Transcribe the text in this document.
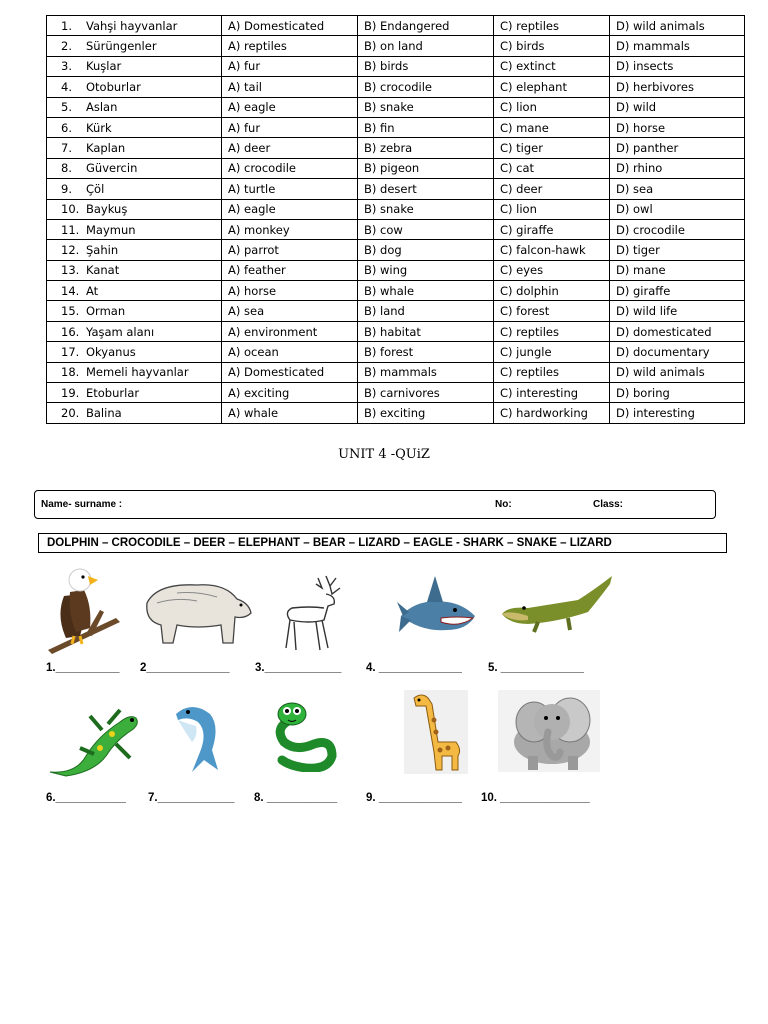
1. Vahşi hayvanlar	A) Domesticated	B) Endangered	C) reptiles	D) wild animals
2. Sürüngenler	A) reptiles	B) on land	C) birds	D) mammals
3. Kuşlar	A) fur	B) birds	C) extinct	D) insects
4. Otoburlar	A) tail	B) crocodile	C) elephant	D) herbivores
5. Aslan	A) eagle	B) snake	C) lion	D) wild
6. Kürk	A) fur	B) fin	C) mane	D) horse
7. Kaplan	A) deer	B) zebra	C) tiger	D) panther
8. Güvercin	A) crocodile	B) pigeon	C) cat	D) rhino
9. Çöl	A) turtle	B) desert	C) deer	D) sea
10. Baykuş	A) eagle	B) snake	C) lion	D) owl
11. Maymun	A) monkey	B) cow	C) giraffe	D) crocodile
12. Şahin	A) parrot	B) dog	C) falcon-hawk	D) tiger
13. Kanat	A) feather	B) wing	C) eyes	D) mane
14. At	A) horse	B) whale	C) dolphin	D) giraffe
15. Orman	A) sea	B) land	C) forest	D) wild life
16. Yaşam alanı	A) environment	B) habitat	C) reptiles	D) domesticated
17. Okyanus	A) ocean	B) forest	C) jungle	D) documentary
18. Memeli hayvanlar	A) Domesticated	B) mammals	C) reptiles	D) wild animals
19. Etoburlar	A) exciting	B) carnivores	C) interesting	D) boring
20. Balina	A) whale	B) exciting	C) hardworking	D) interesting
UNIT 4 -QUiZ
Name- surname :	No:	Class:
DOLPHIN – CROCODILE – DEER – ELEPHANT – BEAR – LIZARD – EAGLE - SHARK – SNAKE – LIZARD
1.__________ 2_____________ 3.____________ 4. _____________ 5. _____________
6.___________ 7.____________ 8. ___________	9. _____________ 10. ______________
